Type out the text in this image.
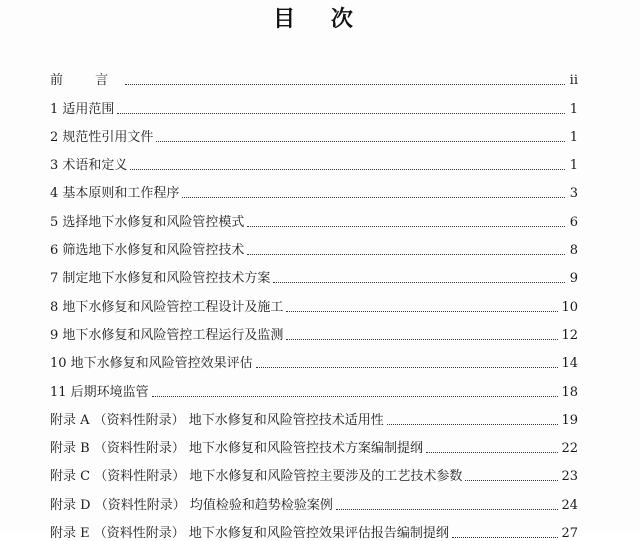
目 次
前 言	ii
1 适用范围	1
2 规范性引用文件	1
3 术语和定义	1
4 基本原则和工作程序	3
5 选择地下水修复和风险管控模式	6
6 筛选地下水修复和风险管控技术	8
7 制定地下水修复和风险管控技术方案	9
8 地下水修复和风险管控工程设计及施工	10
9 地下水修复和风险管控工程运行及监测	12
10 地下水修复和风险管控效果评估	14
11 后期环境监管	18
附录 A （资料性附录） 地下水修复和风险管控技术适用性	19
附录 B （资料性附录） 地下水修复和风险管控技术方案编制提纲	22
附录 C （资料性附录） 地下水修复和风险管控主要涉及的工艺技术参数	23
附录 D （资料性附录） 均值检验和趋势检验案例	24
附录 E （资料性附录） 地下水修复和风险管控效果评估报告编制提纲	27
